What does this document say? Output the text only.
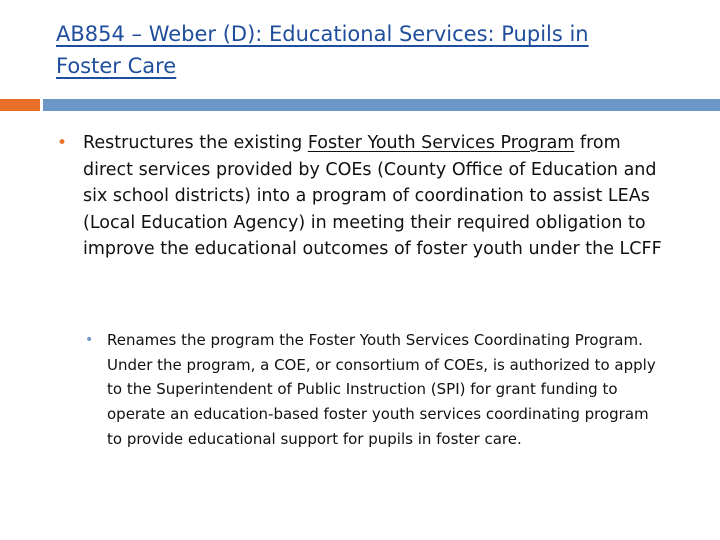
AB854 – Weber (D): Educational Services: Pupils in Foster Care
• Restructures the existing Foster Youth Services Program from direct services provided by COEs (County Office of Education and six school districts) into a program of coordination to assist LEAs (Local Education Agency) in meeting their required obligation to improve the educational outcomes of foster youth under the LCFF
• Renames the program the Foster Youth Services Coordinating Program. Under the program, a COE, or consortium of COEs, is authorized to apply to the Superintendent of Public Instruction (SPI) for grant funding to operate an education-based foster youth services coordinating program to provide educational support for pupils in foster care.
